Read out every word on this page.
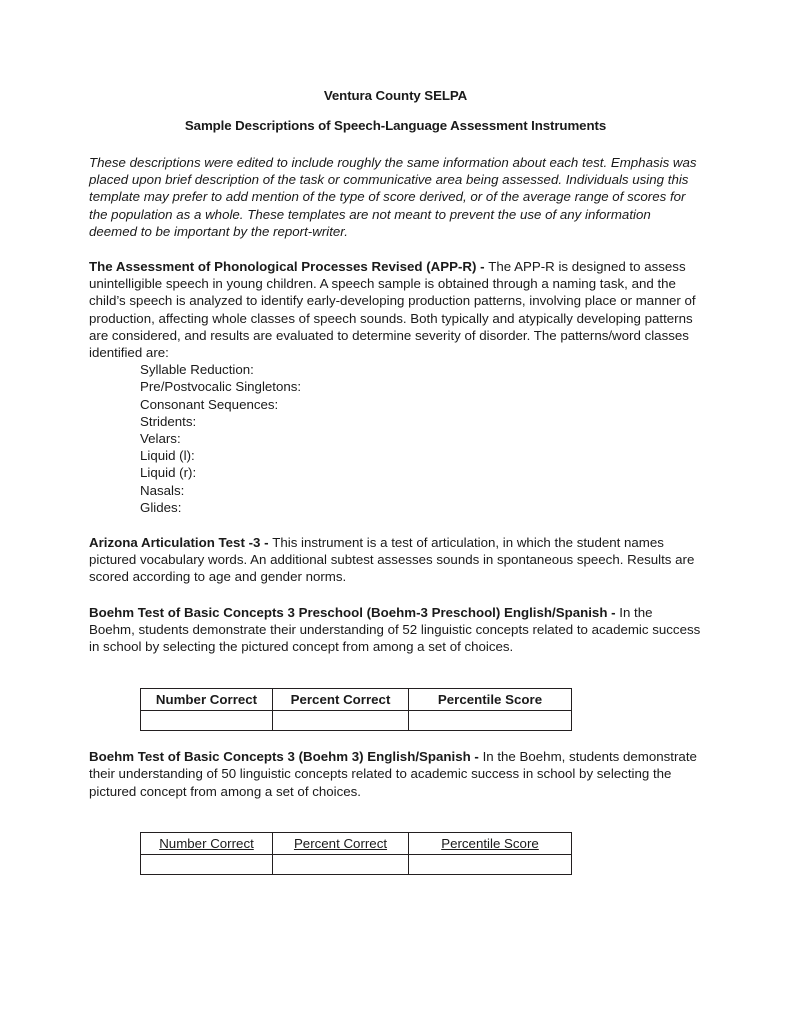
Ventura County SELPA
Sample Descriptions of Speech-Language Assessment Instruments

These descriptions were edited to include roughly the same information about each test. Emphasis was placed upon brief description of the task or communicative area being assessed. Individuals using this template may prefer to add mention of the type of score derived, or of the average range of scores for the population as a whole. These templates are not meant to prevent the use of any information deemed to be important by the report-writer.

The Assessment of Phonological Processes Revised (APP-R) - The APP-R is designed to assess unintelligible speech in young children. A speech sample is obtained through a naming task, and the child’s speech is analyzed to identify early-developing production patterns, involving place or manner of production, affecting whole classes of speech sounds. Both typically and atypically developing patterns are considered, and results are evaluated to determine severity of disorder. The patterns/word classes identified are:

Syllable Reduction:
Pre/Postvocalic Singletons:
Consonant Sequences:
Stridents:
Velars:
Liquid (l):
Liquid (r):
Nasals:
Glides:

Arizona Articulation Test -3 - This instrument is a test of articulation, in which the student names pictured vocabulary words. An additional subtest assesses sounds in spontaneous speech. Results are scored according to age and gender norms.

Boehm Test of Basic Concepts 3 Preschool (Boehm-3 Preschool) English/Spanish - In the Boehm, students demonstrate their understanding of 52 linguistic concepts related to academic success in school by selecting the pictured concept from among a set of choices.

Number Correct	Percent Correct	Percentile Score

Boehm Test of Basic Concepts 3 (Boehm 3) English/Spanish - In the Boehm, students demonstrate their understanding of 50 linguistic concepts related to academic success in school by selecting the pictured concept from among a set of choices.

Number Correct	Percent Correct	Percentile Score
